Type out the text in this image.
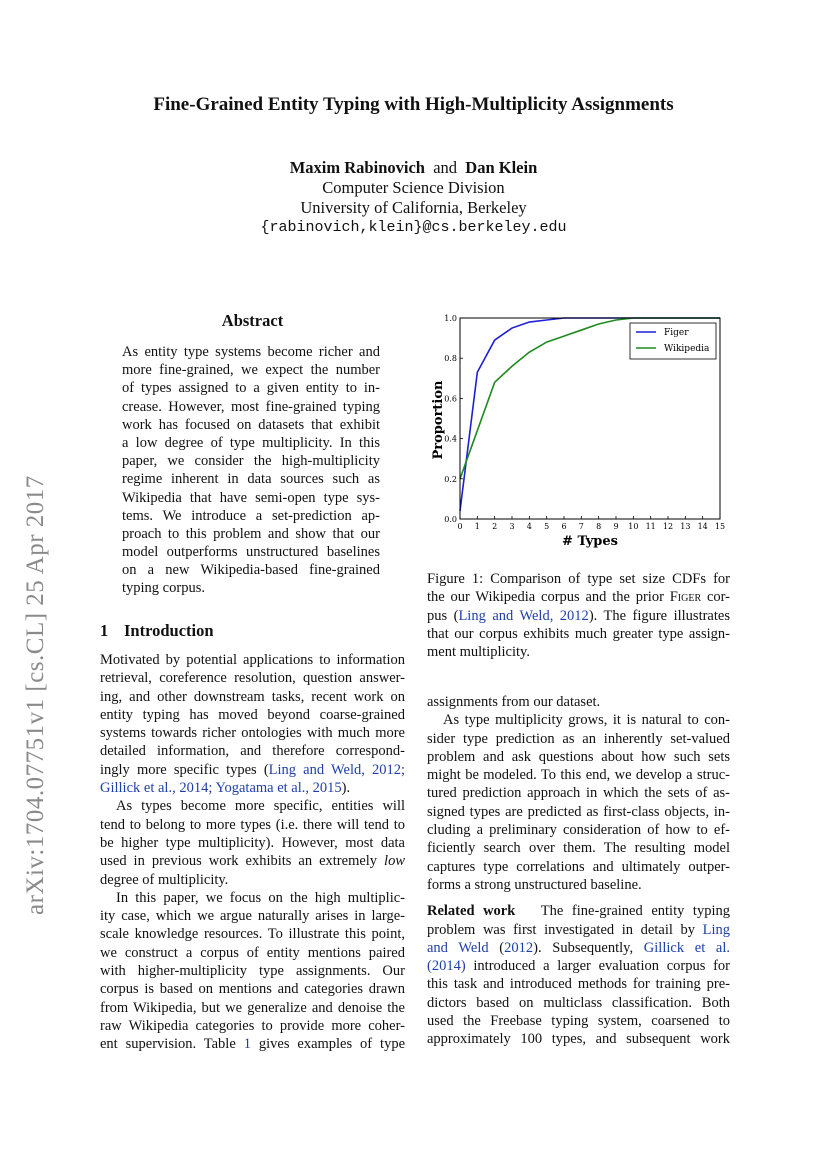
Fine-Grained Entity Typing with High-Multiplicity Assignments
Maxim Rabinovich and Dan Klein
Computer Science Division
University of California, Berkeley
{rabinovich,klein}@cs.berkeley.edu
arXiv:1704.07751v1 [cs.CL] 25 Apr 2017
Abstract
As entity type systems become richer and
more fine-grained, we expect the number
of types assigned to a given entity to in-
crease. However, most fine-grained typing
work has focused on datasets that exhibit
a low degree of type multiplicity. In this
paper, we consider the high-multiplicity
regime inherent in data sources such as
Wikipedia that have semi-open type sys-
tems. We introduce a set-prediction ap-
proach to this problem and show that our
model outperforms unstructured baselines
on a new Wikipedia-based fine-grained
typing corpus.
1 Introduction
Motivated by potential applications to information
retrieval, coreference resolution, question answer-
ing, and other downstream tasks, recent work on
entity typing has moved beyond coarse-grained
systems towards richer ontologies with much more
detailed information, and therefore correspond-
ingly more specific types (Ling and Weld, 2012;
Gillick et al., 2014; Yogatama et al., 2015).
As types become more specific, entities will
tend to belong to more types (i.e. there will tend to
be higher type multiplicity). However, most data
used in previous work exhibits an extremely low
degree of multiplicity.
In this paper, we focus on the high multiplic-
ity case, which we argue naturally arises in large-
scale knowledge resources. To illustrate this point,
we construct a corpus of entity mentions paired
with higher-multiplicity type assignments. Our
corpus is based on mentions and categories drawn
from Wikipedia, but we generalize and denoise the
raw Wikipedia categories to provide more coher-
ent supervision. Table 1 gives examples of type
0 1 2 3 4 5 6 7 8 9 10 11 12 13 14 15
0.0
0.2
0.4
0.6
0.8
1.0
# Types
Proportion
Figer
Wikipedia
Figure 1: Comparison of type set size CDFs for
the our Wikipedia corpus and the prior Figer cor-
pus (Ling and Weld, 2012). The figure illustrates
that our corpus exhibits much greater type assign-
ment multiplicity.
assignments from our dataset.
As type multiplicity grows, it is natural to con-
sider type prediction as an inherently set-valued
problem and ask questions about how such sets
might be modeled. To this end, we develop a struc-
tured prediction approach in which the sets of as-
signed types are predicted as first-class objects, in-
cluding a preliminary consideration of how to ef-
ficiently search over them. The resulting model
captures type correlations and ultimately outper-
forms a strong unstructured baseline.
Related work The fine-grained entity typing
problem was first investigated in detail by Ling
and Weld (2012). Subsequently, Gillick et al.
(2014) introduced a larger evaluation corpus for
this task and introduced methods for training pre-
dictors based on multiclass classification. Both
used the Freebase typing system, coarsened to
approximately 100 types, and subsequent work
